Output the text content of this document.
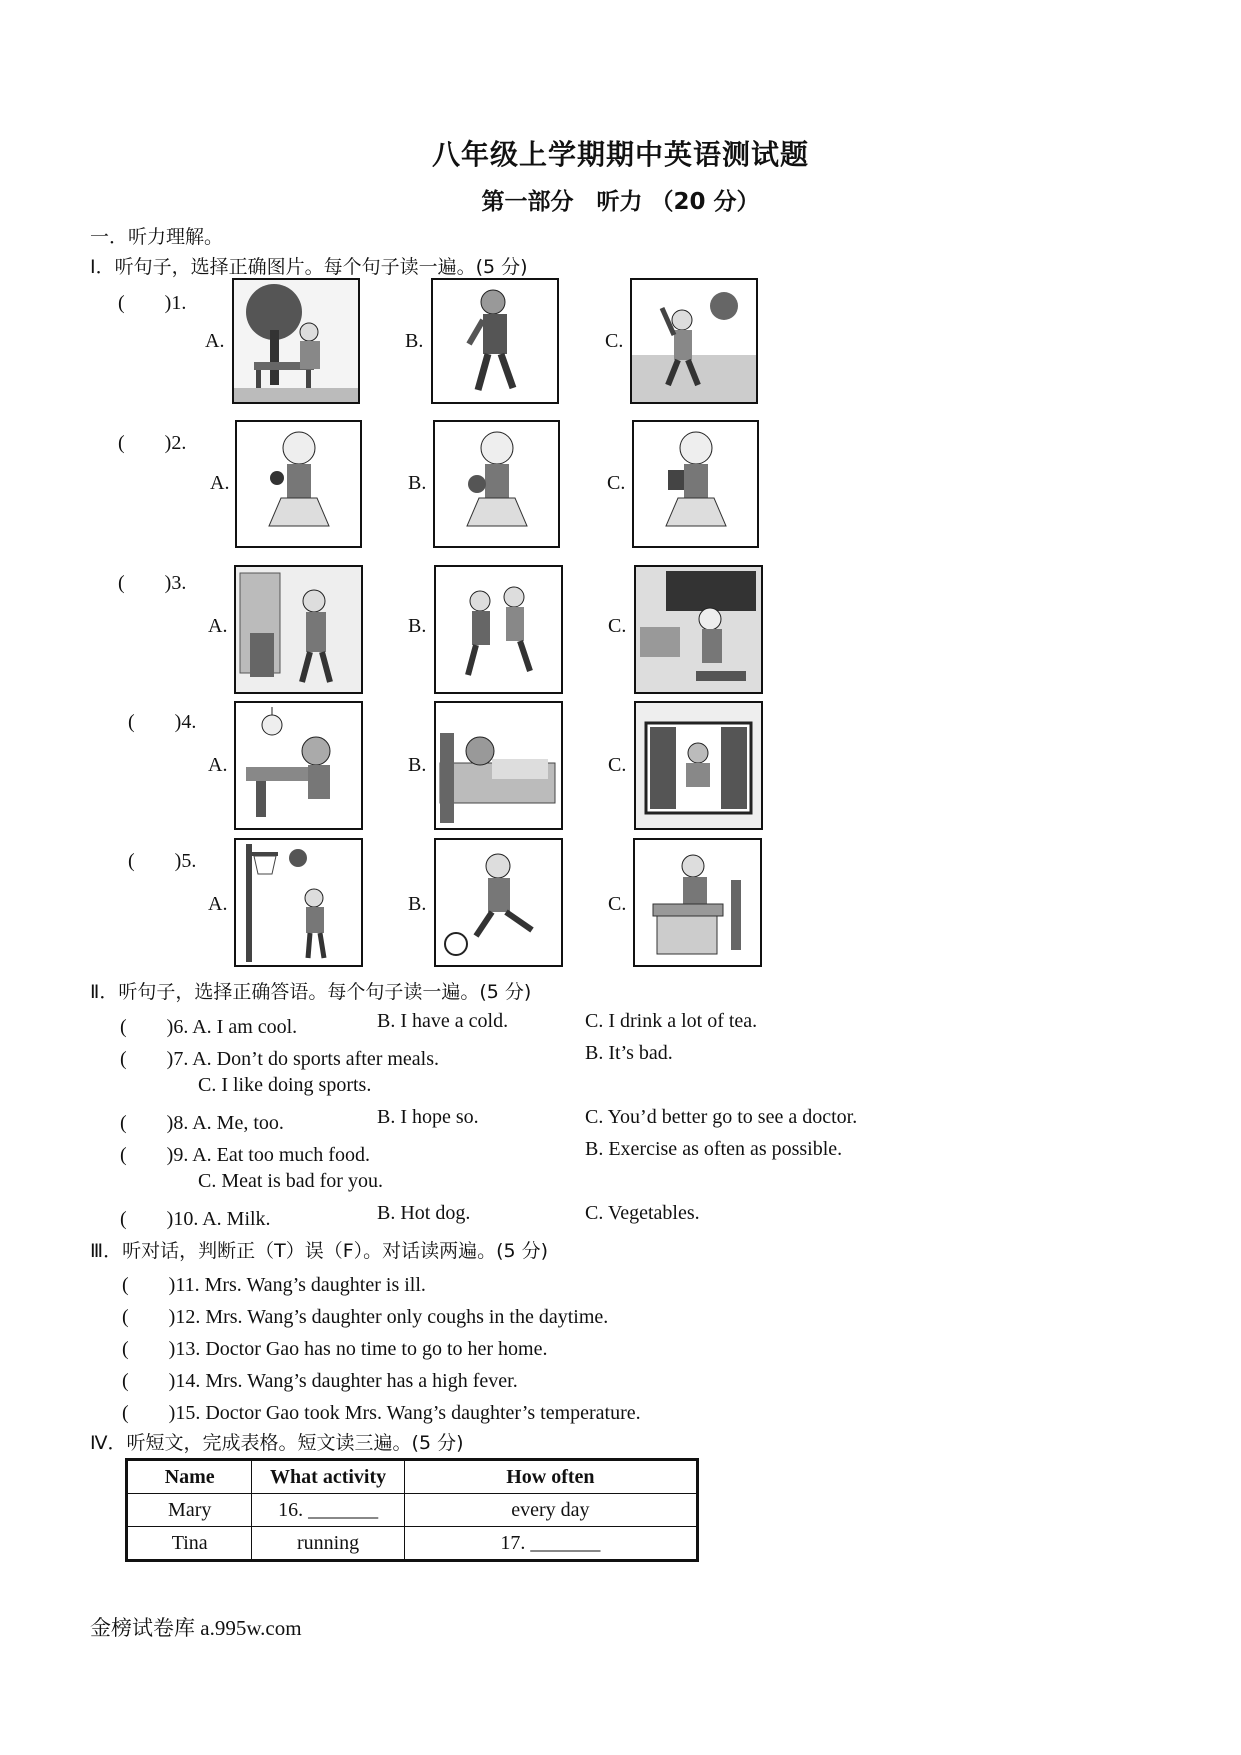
八年级上学期期中英语测试题
第一部分　听力 （20 分）
一．听力理解。
Ⅰ．听句子，选择正确图片。每个句子读一遍。(5 分)
(　　)1.
(　　)2.
(　　)3.
(　　)4.
(　　)5.
A.	B.	C.
A.	B.	C.
A.	B.	C.
A.	B.	C.
A.	B.	C.
Ⅱ．听句子，选择正确答语。每个句子读一遍。(5 分)
(　　)6. A. I am cool.	B. I have a cold.	C. I drink a lot of tea.
(　　)7. A. Don’t do sports after meals.	B. It’s bad.
C. I like doing sports.
(　　)8. A. Me, too.	B. I hope so.	C. You’d better go to see a doctor.
(　　)9. A. Eat too much food.	B. Exercise as often as possible.
C. Meat is bad for you.
(　　)10. A. Milk.	B. Hot dog.	C. Vegetables.
Ⅲ．听对话，判断正（T）误（F）。对话读两遍。(5 分)
(　　)11. Mrs. Wang’s daughter is ill.
(　　)12. Mrs. Wang’s daughter only coughs in the daytime.
(　　)13. Doctor Gao has no time to go to her home.
(　　)14. Mrs. Wang’s daughter has a high fever.
(　　)15. Doctor Gao took Mrs. Wang’s daughter’s temperature.
Ⅳ．听短文，完成表格。短文读三遍。(5 分)
Name	What activity	How often
Mary	16. _______	every day
Tina	running	17. _______
金榜试卷库 a.995w.com
